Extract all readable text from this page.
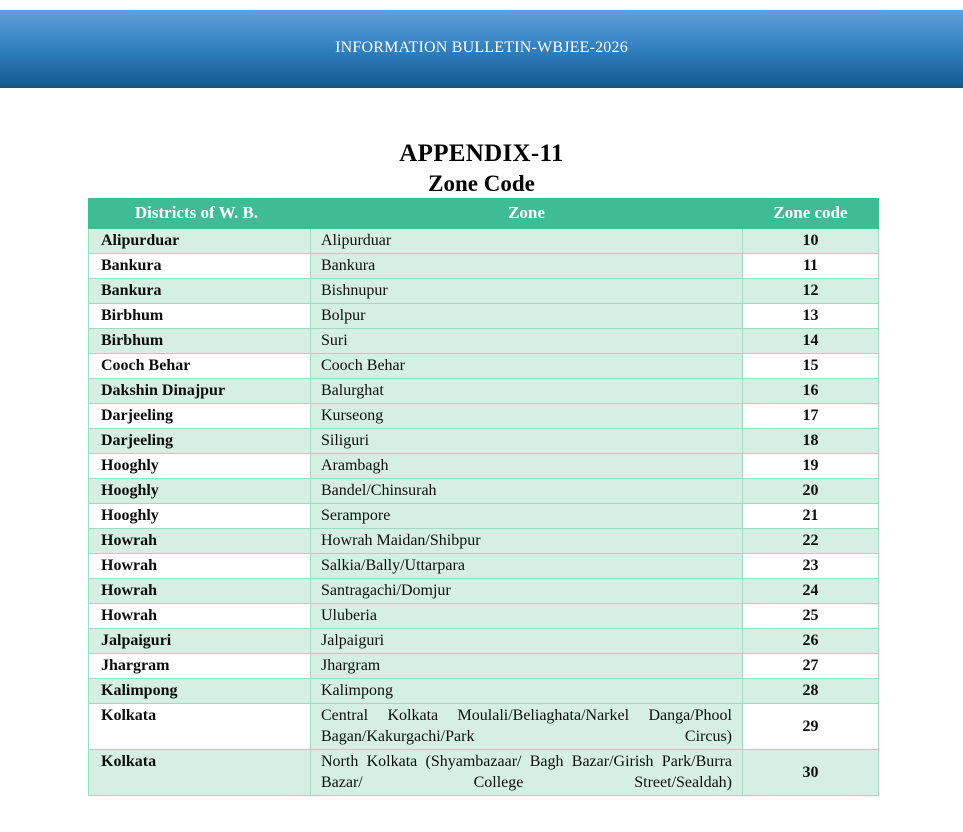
INFORMATION BULLETIN-WBJEE-2026
APPENDIX-11
Zone Code
Districts of W. B.	Zone	Zone code
Alipurduar	Alipurduar	10
Bankura	Bankura	11
Bankura	Bishnupur	12
Birbhum	Bolpur	13
Birbhum	Suri	14
Cooch Behar	Cooch Behar	15
Dakshin Dinajpur	Balurghat	16
Darjeeling	Kurseong	17
Darjeeling	Siliguri	18
Hooghly	Arambagh	19
Hooghly	Bandel/Chinsurah	20
Hooghly	Serampore	21
Howrah	Howrah Maidan/Shibpur	22
Howrah	Salkia/Bally/Uttarpara	23
Howrah	Santragachi/Domjur	24
Howrah	Uluberia	25
Jalpaiguri	Jalpaiguri	26
Jhargram	Jhargram	27
Kalimpong	Kalimpong	28
Kolkata	Central Kolkata Moulali/Beliaghata/Narkel Danga/Phool Bagan/Kakurgachi/Park Circus)	29
Kolkata	North Kolkata (Shyambazaar/ Bagh Bazar/Girish Park/Burra Bazar/ College Street/Sealdah)	30
